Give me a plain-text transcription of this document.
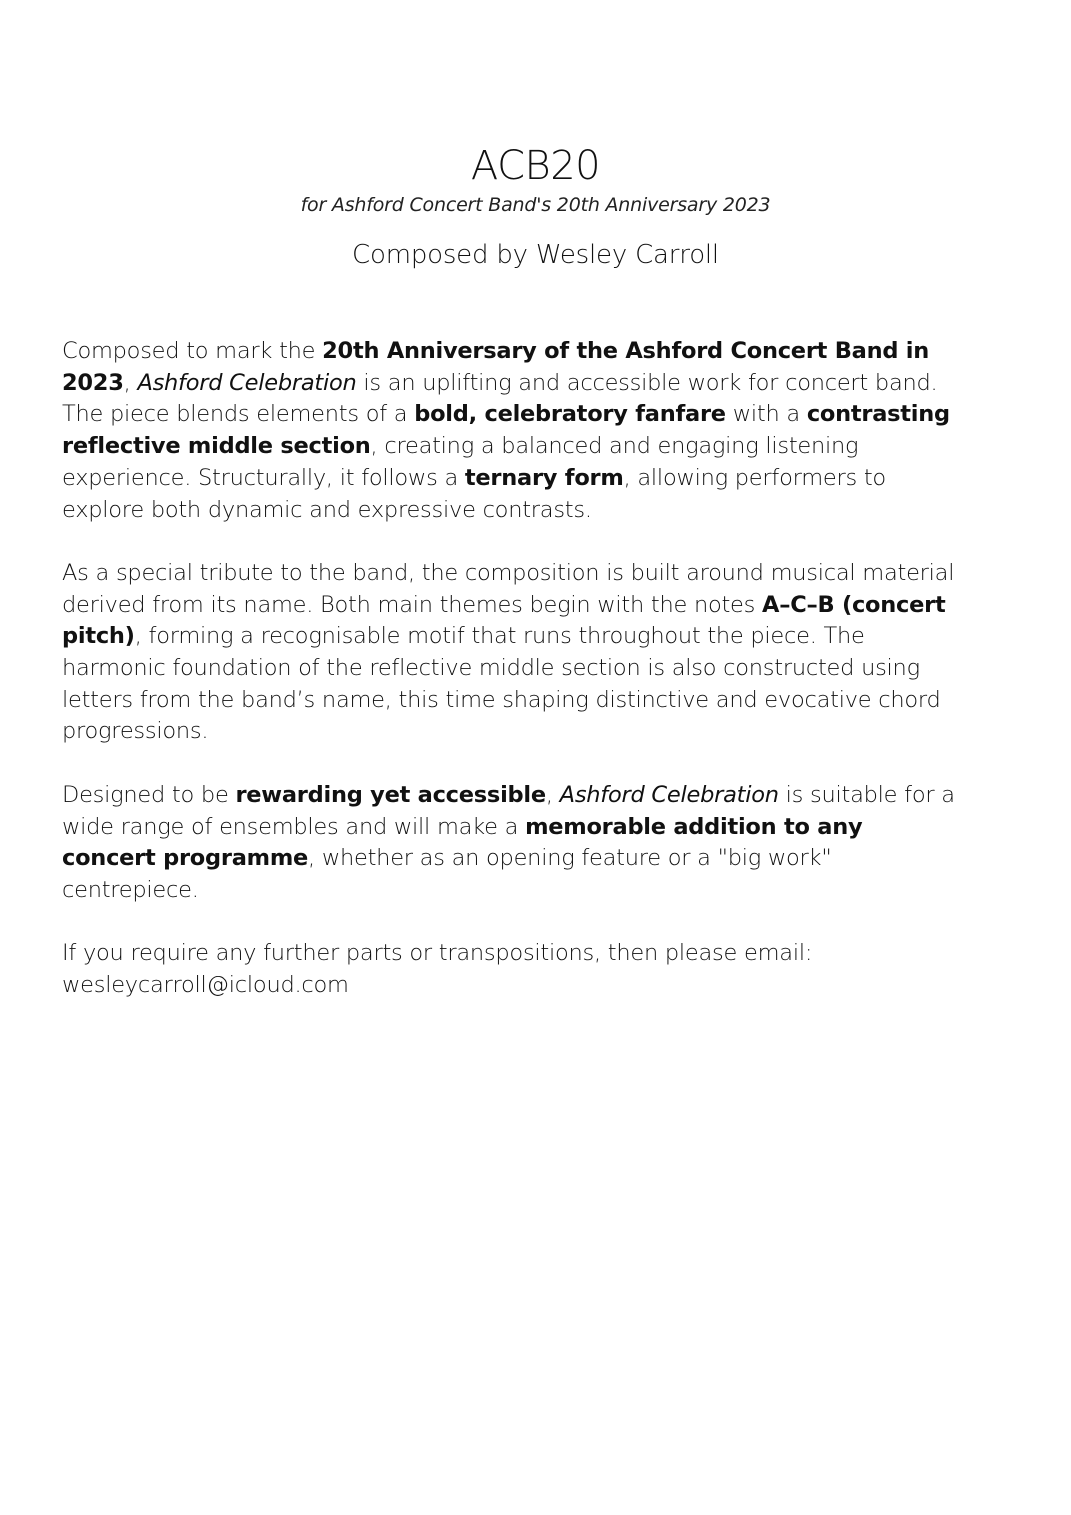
ACB20

for Ashford Concert Band's 20th Anniversary 2023

Composed by Wesley Carroll

Composed to mark the 20th Anniversary of the Ashford Concert Band in 2023, Ashford Celebration is an uplifting and accessible work for concert band. The piece blends elements of a bold, celebratory fanfare with a contrasting reflective middle section, creating a balanced and engaging listening experience. Structurally, it follows a ternary form, allowing performers to explore both dynamic and expressive contrasts.

As a special tribute to the band, the composition is built around musical material derived from its name. Both main themes begin with the notes A–C–B (concert pitch), forming a recognisable motif that runs throughout the piece. The harmonic foundation of the reflective middle section is also constructed using letters from the band’s name, this time shaping distinctive and evocative chord progressions.

Designed to be rewarding yet accessible, Ashford Celebration is suitable for a wide range of ensembles and will make a memorable addition to any concert programme, whether as an opening feature or a "big work" centrepiece.

If you require any further parts or transpositions, then please email: wesleycarroll@icloud.com
